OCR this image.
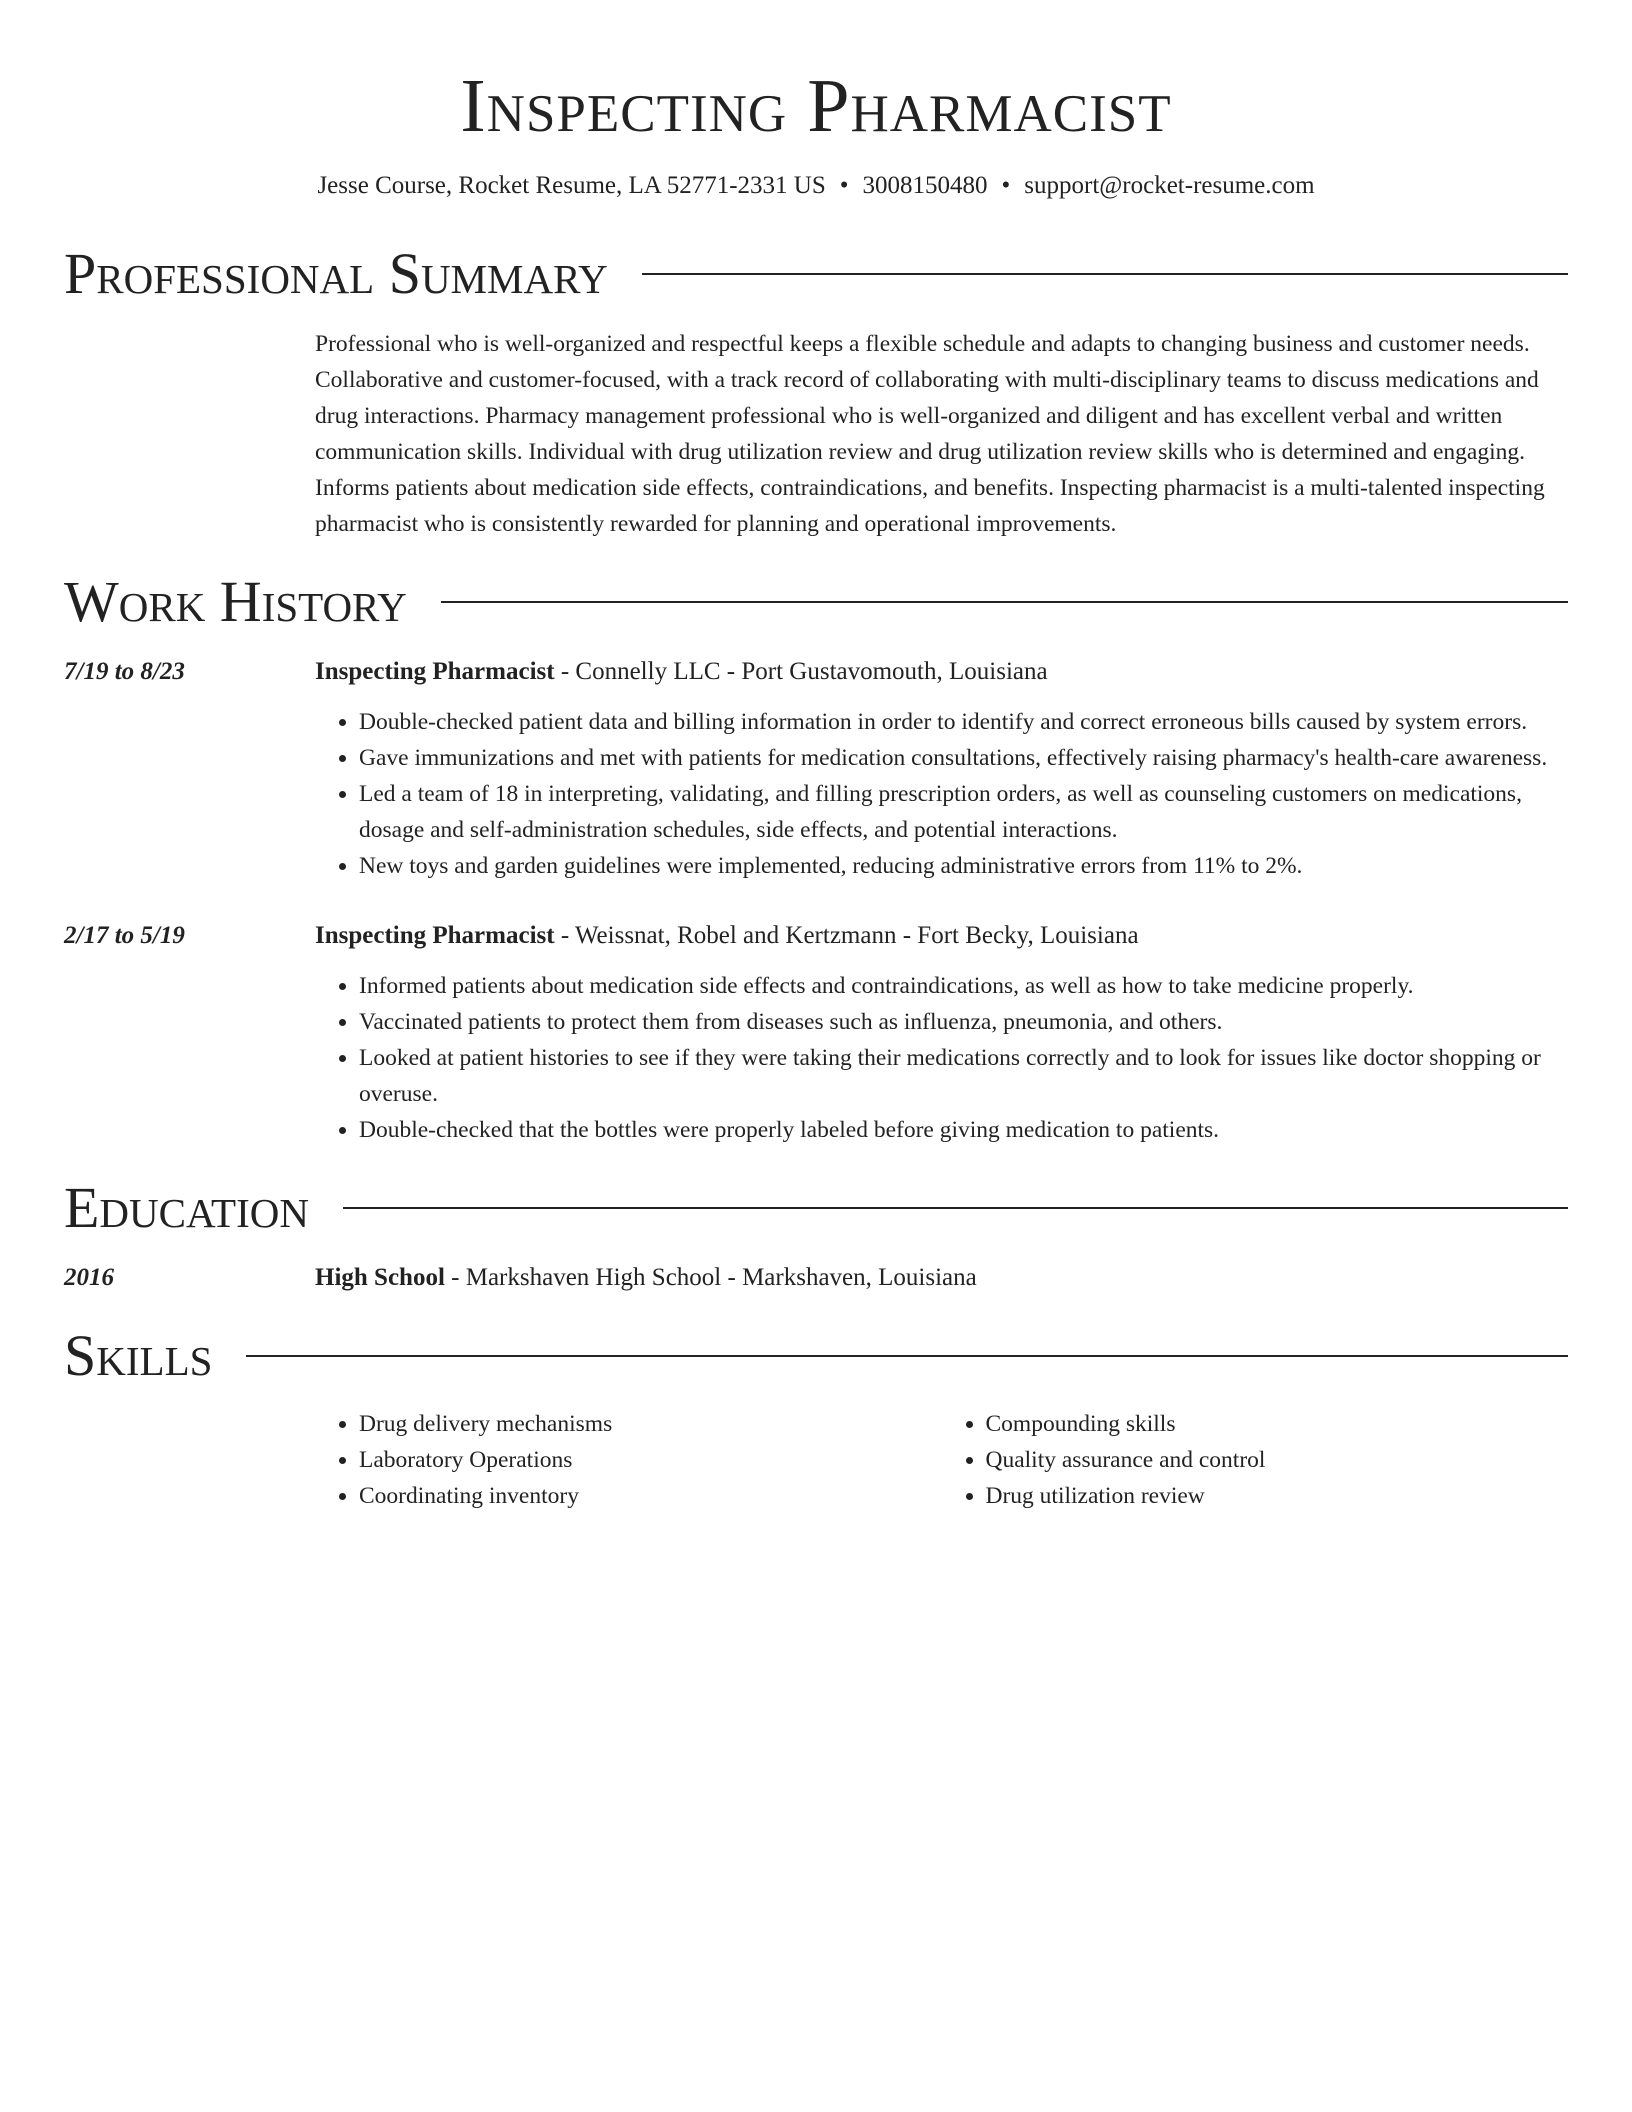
Inspecting Pharmacist
Jesse Course, Rocket Resume, LA 52771-2331 US • 3008150480 • support@rocket-resume.com
Professional Summary
Professional who is well-organized and respectful keeps a flexible schedule and adapts to changing business and customer needs. Collaborative and customer-focused, with a track record of collaborating with multi-disciplinary teams to discuss medications and drug interactions. Pharmacy management professional who is well-organized and diligent and has excellent verbal and written communication skills. Individual with drug utilization review and drug utilization review skills who is determined and engaging. Informs patients about medication side effects, contraindications, and benefits. Inspecting pharmacist is a multi-talented inspecting pharmacist who is consistently rewarded for planning and operational improvements.
Work History
7/19 to 8/23	Inspecting Pharmacist - Connelly LLC - Port Gustavomouth, Louisiana
• Double-checked patient data and billing information in order to identify and correct erroneous bills caused by system errors.
• Gave immunizations and met with patients for medication consultations, effectively raising pharmacy's health-care awareness.
• Led a team of 18 in interpreting, validating, and filling prescription orders, as well as counseling customers on medications, dosage and self-administration schedules, side effects, and potential interactions.
• New toys and garden guidelines were implemented, reducing administrative errors from 11% to 2%.
2/17 to 5/19	Inspecting Pharmacist - Weissnat, Robel and Kertzmann - Fort Becky, Louisiana
• Informed patients about medication side effects and contraindications, as well as how to take medicine properly.
• Vaccinated patients to protect them from diseases such as influenza, pneumonia, and others.
• Looked at patient histories to see if they were taking their medications correctly and to look for issues like doctor shopping or overuse.
• Double-checked that the bottles were properly labeled before giving medication to patients.
Education
2016	High School - Markshaven High School - Markshaven, Louisiana
Skills
• Drug delivery mechanisms
• Laboratory Operations
• Coordinating inventory
• Compounding skills
• Quality assurance and control
• Drug utilization review
